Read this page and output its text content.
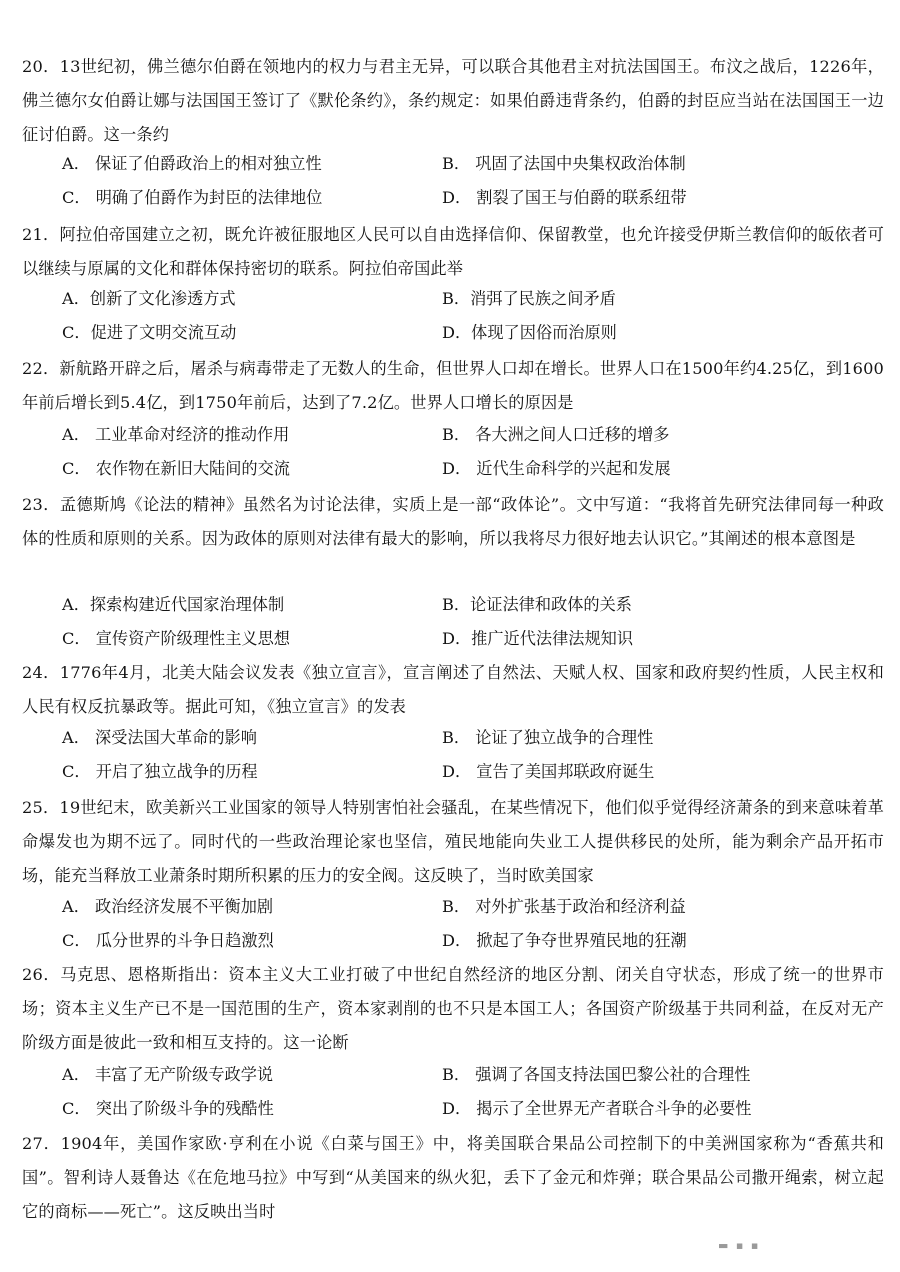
20．13世纪初，佛兰德尔伯爵在领地内的权力与君主无异，可以联合其他君主对抗法国国王。布汶之战后，1226年，佛兰德尔女伯爵让娜与法国国王签订了《默伦条约》，条约规定：如果伯爵违背条约，伯爵的封臣应当站在法国国王一边征讨伯爵。这一条约

A． 保证了伯爵政治上的相对独立性	B． 巩固了法国中央集权政治体制
C． 明确了伯爵作为封臣的法律地位	D． 割裂了国王与伯爵的联系纽带

21．阿拉伯帝国建立之初，既允许被征服地区人民可以自由选择信仰、保留教堂，也允许接受伊斯兰教信仰的皈依者可以继续与原属的文化和群体保持密切的联系。阿拉伯帝国此举

A．创新了文化渗透方式	B．消弭了民族之间矛盾
C．促进了文明交流互动	D．体现了因俗而治原则

22．新航路开辟之后，屠杀与病毒带走了无数人的生命，但世界人口却在增长。世界人口在1500年约4.25亿，到1600年前后增长到5.4亿，到1750年前后，达到了7.2亿。世界人口增长的原因是

A． 工业革命对经济的推动作用	B． 各大洲之间人口迁移的增多
C． 农作物在新旧大陆间的交流	D． 近代生命科学的兴起和发展

23．孟德斯鸠《论法的精神》虽然名为讨论法律，实质上是一部“政体论”。文中写道：“我将首先研究法律同每一种政体的性质和原则的关系。因为政体的原则对法律有最大的影响，所以我将尽力很好地去认识它。”其阐述的根本意图是

A．探索构建近代国家治理体制	B．论证法律和政体的关系
C． 宣传资产阶级理性主义思想	D．推广近代法律法规知识

24．1776年4月，北美大陆会议发表《独立宣言》，宣言阐述了自然法、天赋人权、国家和政府契约性质，人民主权和人民有权反抗暴政等。据此可知，《独立宣言》的发表

A． 深受法国大革命的影响	B． 论证了独立战争的合理性
C． 开启了独立战争的历程	D． 宣告了美国邦联政府诞生

25．19世纪末，欧美新兴工业国家的领导人特别害怕社会骚乱，在某些情况下，他们似乎觉得经济萧条的到来意味着革命爆发也为期不远了。同时代的一些政治理论家也坚信，殖民地能向失业工人提供移民的处所，能为剩余产品开拓市场，能充当释放工业萧条时期所积累的压力的安全阀。这反映了，当时欧美国家

A． 政治经济发展不平衡加剧	B． 对外扩张基于政治和经济利益
C． 瓜分世界的斗争日趋激烈	D． 掀起了争夺世界殖民地的狂潮

26．马克思、恩格斯指出：资本主义大工业打破了中世纪自然经济的地区分割、闭关自守状态，形成了统一的世界市场；资本主义生产已不是一国范围的生产，资本家剥削的也不只是本国工人；各国资产阶级基于共同利益，在反对无产阶级方面是彼此一致和相互支持的。这一论断

A． 丰富了无产阶级专政学说	B． 强调了各国支持法国巴黎公社的合理性
C． 突出了阶级斗争的残酷性	D． 揭示了全世界无产者联合斗争的必要性

27．1904年，美国作家欧·亨利在小说《白菜与国王》中，将美国联合果品公司控制下的中美洲国家称为“香蕉共和国”。智利诗人聂鲁达《在危地马拉》中写到“从美国来的纵火犯，丢下了金元和炸弹；联合果品公司撒开绳索，树立起它的商标——死亡”。这反映出当时

▬ ▪ ▪
